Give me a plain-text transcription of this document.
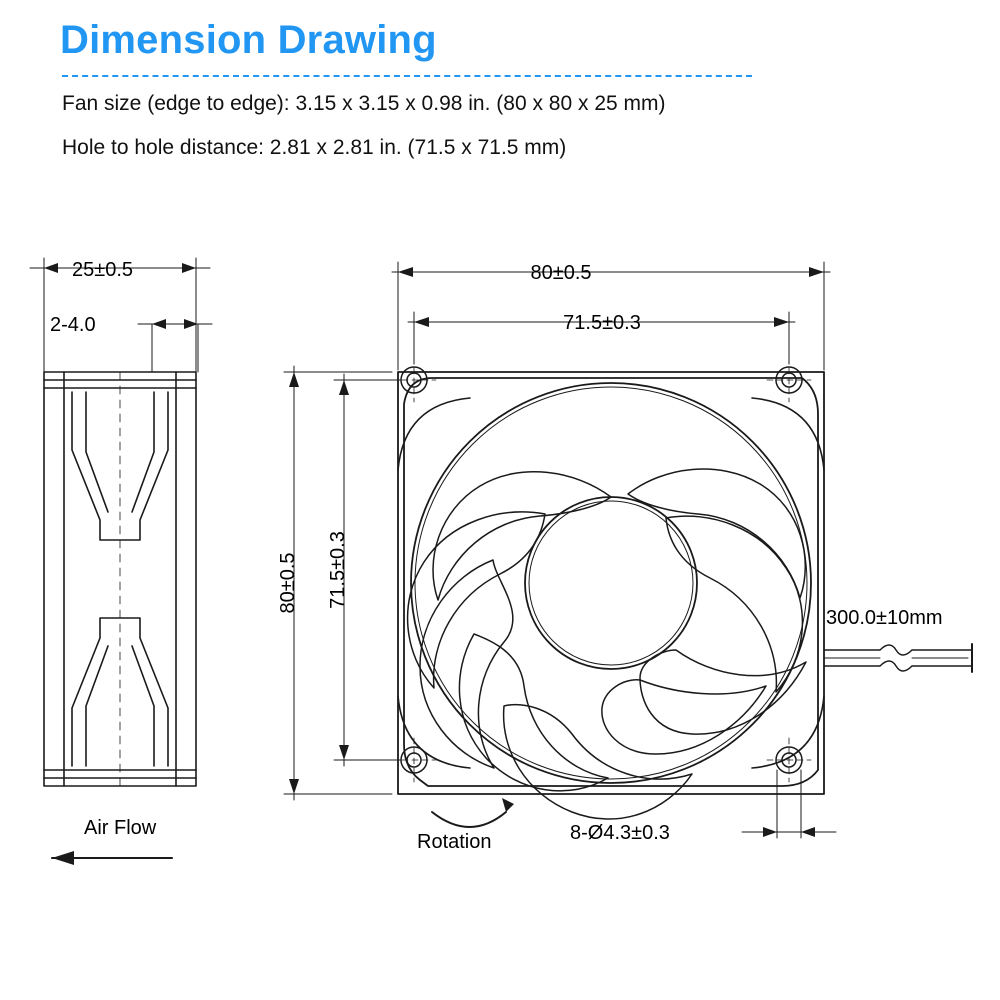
Dimension Drawing
Fan size (edge to edge): 3.15 x 3.15 x 0.98 in. (80 x 80 x 25 mm)
Hole to hole distance: 2.81 x 2.81 in. (71.5 x 71.5 mm)
25±0.5
2-4.0
Air Flow
80±0.5
71.5±0.3
80±0.5 71.5±0.3
8-Ø4.3±0.3
Rotation
300.0±10mm
